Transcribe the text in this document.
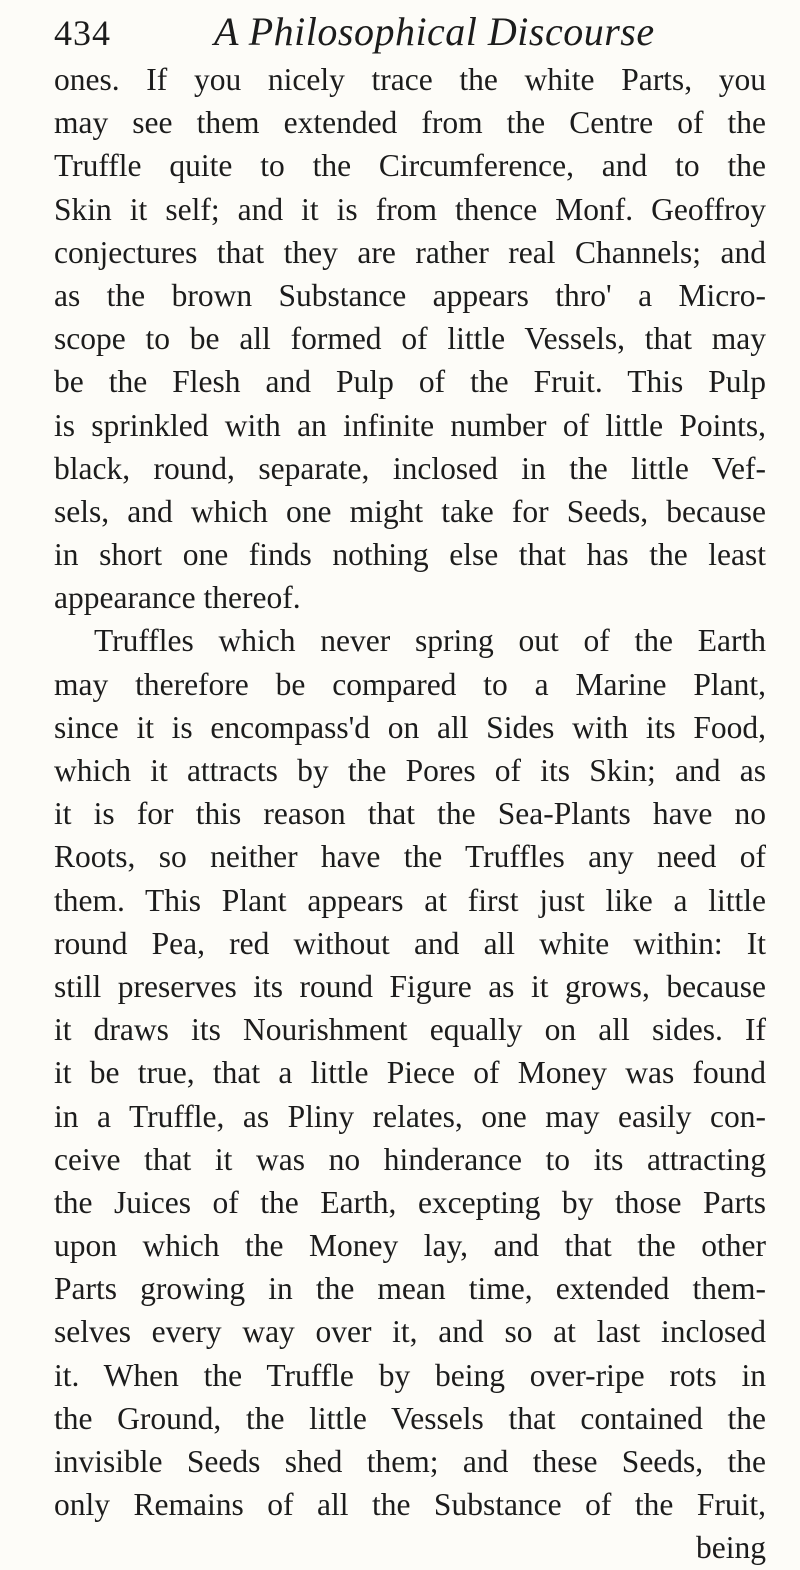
434	A Philosophical Discourse
ones. If you nicely trace the white Parts, you
may see them extended from the Centre of the
Truffle quite to the Circumference, and to the
Skin it self; and it is from thence Monf. Geoffroy
conjectures that they are rather real Channels; and
as the brown Substance appears thro' a Micro-
scope to be all formed of little Vessels, that may
be the Flesh and Pulp of the Fruit. This Pulp
is sprinkled with an infinite number of little Points,
black, round, separate, inclosed in the little Vef-
sels, and which one might take for Seeds, because
in short one finds nothing else that has the least
appearance thereof.
Truffles which never spring out of the Earth
may therefore be compared to a Marine Plant,
since it is encompass'd on all Sides with its Food,
which it attracts by the Pores of its Skin; and as
it is for this reason that the Sea-Plants have no
Roots, so neither have the Truffles any need of
them. This Plant appears at first just like a little
round Pea, red without and all white within: It
still preserves its round Figure as it grows, because
it draws its Nourishment equally on all sides. If
it be true, that a little Piece of Money was found
in a Truffle, as Pliny relates, one may easily con-
ceive that it was no hinderance to its attracting
the Juices of the Earth, excepting by those Parts
upon which the Money lay, and that the other
Parts growing in the mean time, extended them-
selves every way over it, and so at last inclosed
it. When the Truffle by being over-ripe rots in
the Ground, the little Vessels that contained the
invisible Seeds shed them; and these Seeds, the
only Remains of all the Substance of the Fruit,
being
